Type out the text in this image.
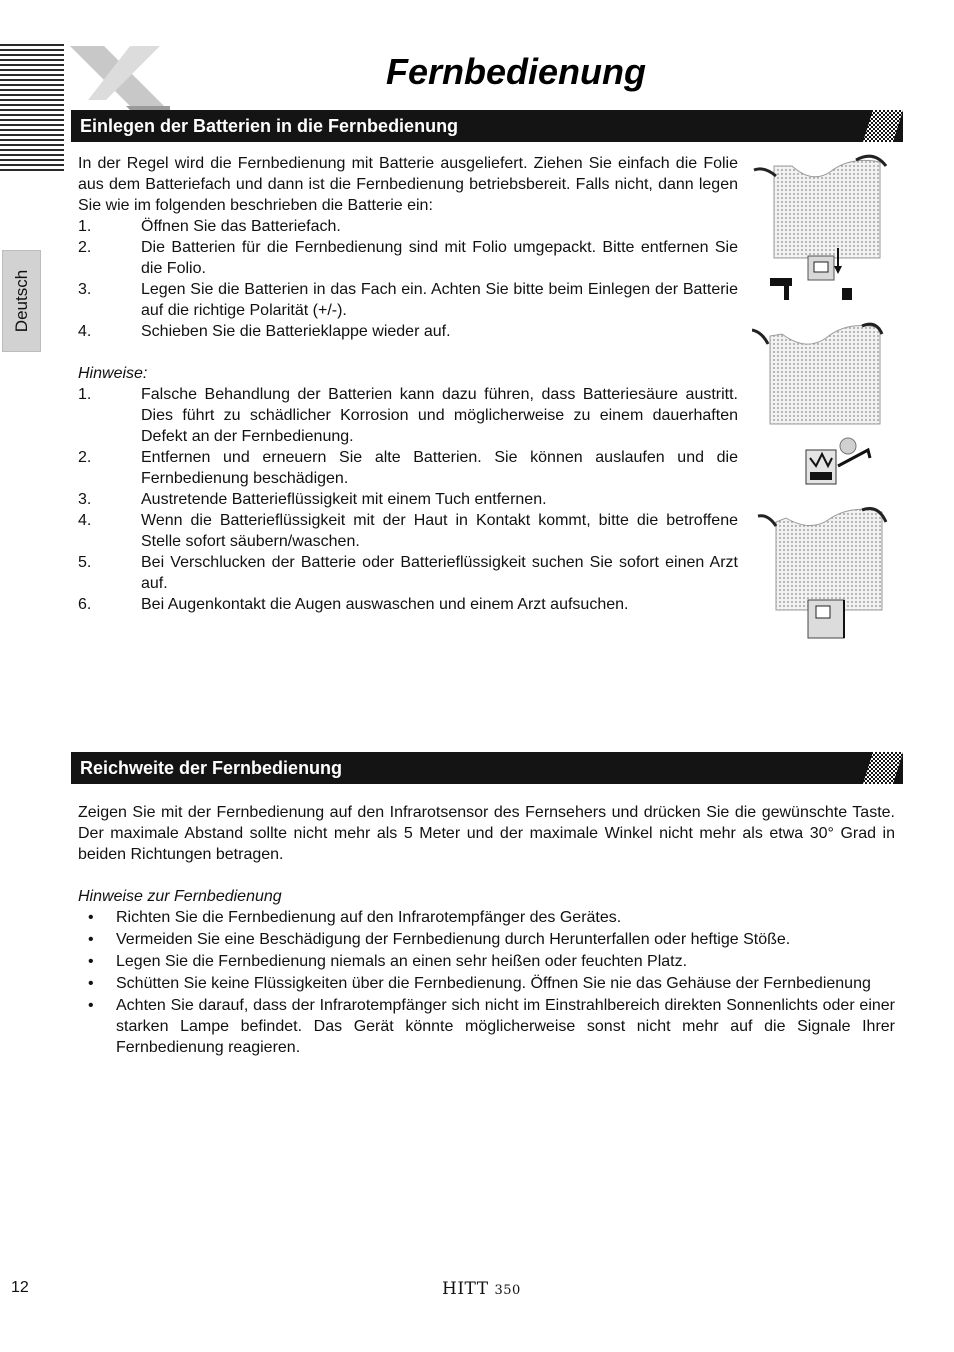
Fernbedienung
Deutsch
Einlegen der Batterien in die Fernbedienung
In der Regel wird die Fernbedienung mit Batterie ausgeliefert. Ziehen Sie einfach die Folie aus dem Batteriefach und dann ist die Fernbedienung betriebsbereit. Falls nicht, dann legen Sie wie im folgenden beschrieben die Batterie ein:
1.	Öffnen Sie das Batteriefach.
2.	Die Batterien für die Fernbedienung sind mit Folio umgepackt. Bitte entfernen Sie die Folio.
3.	Legen Sie die Batterien in das Fach ein. Achten Sie bitte beim Einlegen der Batterie auf die richtige Polarität (+/-).
4.	Schieben Sie die Batterieklappe wieder auf.
Hinweise:
1.	Falsche Behandlung der Batterien kann dazu führen, dass Batteriesäure austritt. Dies führt zu schädlicher Korrosion und möglicherweise zu einem dauerhaften Defekt an der Fernbedienung.
2.	Entfernen und erneuern Sie alte Batterien. Sie können auslaufen und die Fernbedienung beschädigen.
3.	Austretende Batterieflüssigkeit mit einem Tuch entfernen.
4.	Wenn die Batterieflüssigkeit mit der Haut in Kontakt kommt, bitte die betroffene Stelle sofort säubern/waschen.
5.	Bei Verschlucken der Batterie oder Batterieflüssigkeit suchen Sie sofort einen Arzt auf.
6.	Bei Augenkontakt die Augen auswaschen und einem Arzt aufsuchen.
Reichweite der Fernbedienung
Zeigen Sie mit der Fernbedienung auf den Infrarotsensor des Fernsehers und drücken Sie die gewünschte Taste. Der maximale Abstand sollte nicht mehr als 5 Meter und der maximale Winkel nicht mehr als etwa 30° Grad in beiden Richtungen betragen.
Hinweise zur Fernbedienung
•	Richten Sie die Fernbedienung auf den Infrarotempfänger des Gerätes.
•	Vermeiden Sie eine Beschädigung der Fernbedienung durch Herunterfallen oder heftige Stöße.
•	Legen Sie die Fernbedienung niemals an einen sehr heißen oder feuchten Platz.
•	Schütten Sie keine Flüssigkeiten über die Fernbedienung. Öffnen Sie nie das Gehäuse der Fernbedienung
•	Achten Sie darauf, dass der Infrarotempfänger sich nicht im Einstrahlbereich direkten Sonnenlichts oder einer starken Lampe befindet. Das Gerät könnte möglicherweise sonst nicht mehr auf die Signale Ihrer Fernbedienung reagieren.
12	HITT 350
